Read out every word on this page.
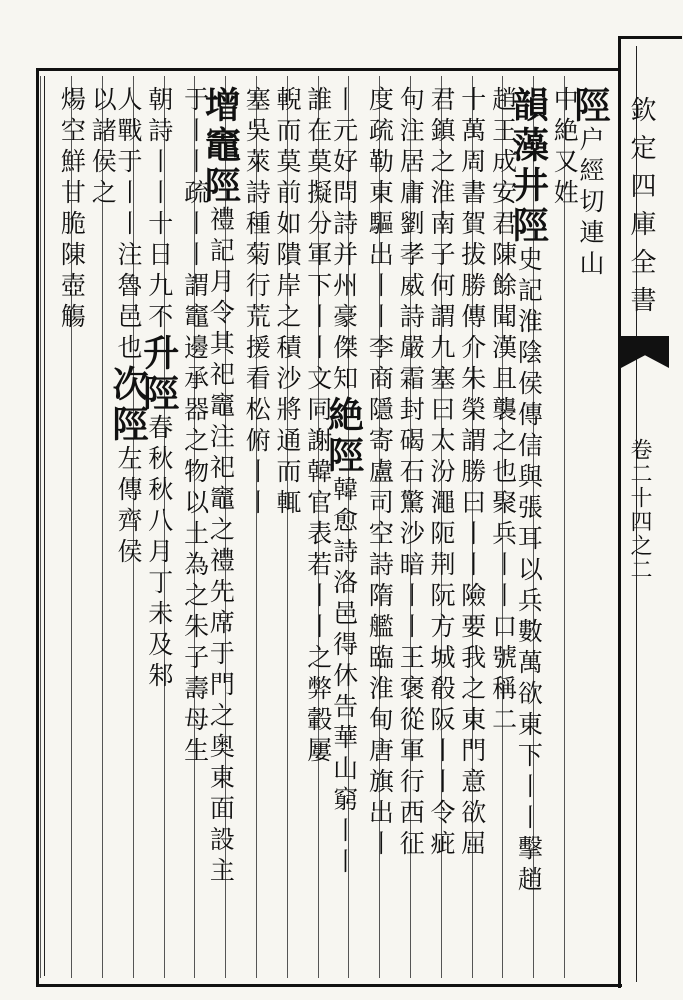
欽定四庫全書
卷二十四之二
陘户經切連山
中絶又姓
韻藻井陘史記淮陰侯傳信與張耳以兵數萬欲東下丨丨擊趙
趙王成安君陳餘聞漢且襲之也聚兵丨丨口號稱二
十萬周書賀拔勝傳介朱榮謂勝曰丨丨險要我之東門意欲屈
君鎮之淮南子何謂九塞曰太汾澠阨荆阮方城殽阪丨丨令疵
句注居庸劉孝威詩嚴霜封碣石驚沙暗丨丨王褒從軍行西征
度疏勒東驅出丨丨李商隱寄盧司空詩隋艦臨淮甸唐旗出丨
丨元好問詩并州豪傑知絶陘韓愈詩洛邑得休告華山窮丨丨
誰在莫擬分軍下丨丨文同謝韓官表若丨丨之弊轂屢
輗而莫前如隤岸之積沙將通而輒
塞吳萊詩種菊行荒援看松俯丨丨
增竈陘禮記月令其祀竈注祀竈之禮先席于門之奥東面設主
于丨丨疏丨丨謂竈邊承器之物以土為之朱子壽母生
朝詩丨丨十日九不升陘春秋秋八月丁未及邾
人戰于丨丨注魯邑也次陘左傳齊侯
以諸侯之
煬空鮮甘脆陳壺觴
